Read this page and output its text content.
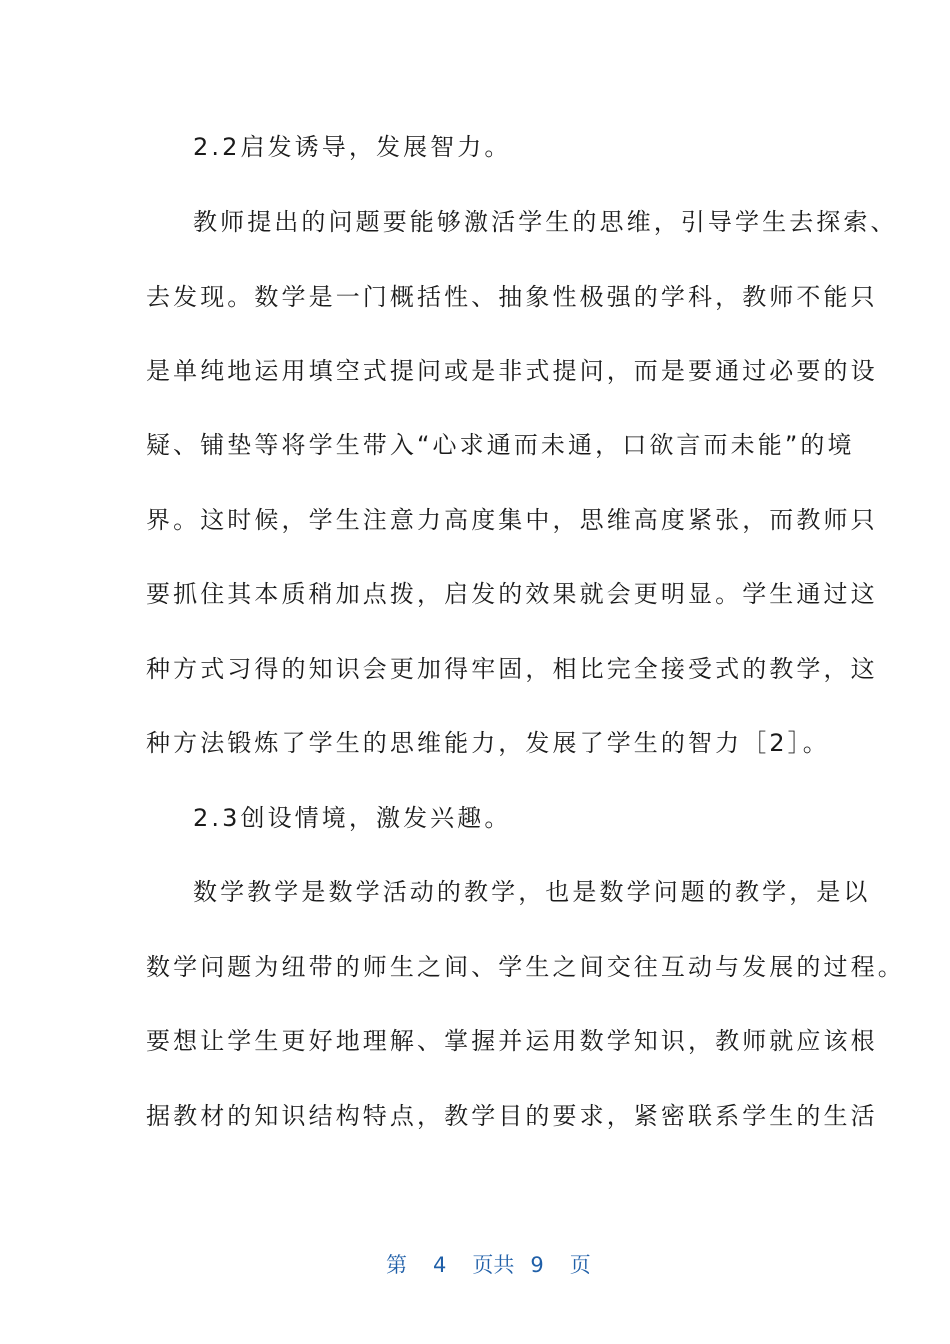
2.2启发诱导，发展智力。
教师提出的问题要能够激活学生的思维，引导学生去探索、
去发现。数学是一门概括性、抽象性极强的学科，教师不能只
是单纯地运用填空式提问或是非式提问，而是要通过必要的设
疑、铺垫等将学生带入“心求通而未通，口欲言而未能”的境
界。这时候，学生注意力高度集中，思维高度紧张，而教师只
要抓住其本质稍加点拨，启发的效果就会更明显。学生通过这
种方式习得的知识会更加得牢固，相比完全接受式的教学，这
种方法锻炼了学生的思维能力，发展了学生的智力［2］。
2.3创设情境，激发兴趣。
数学教学是数学活动的教学，也是数学问题的教学，是以
数学问题为纽带的师生之间、学生之间交往互动与发展的过程。
要想让学生更好地理解、掌握并运用数学知识，教师就应该根
据教材的知识结构特点，教学目的要求，紧密联系学生的生活

第 4 页共 9 页
